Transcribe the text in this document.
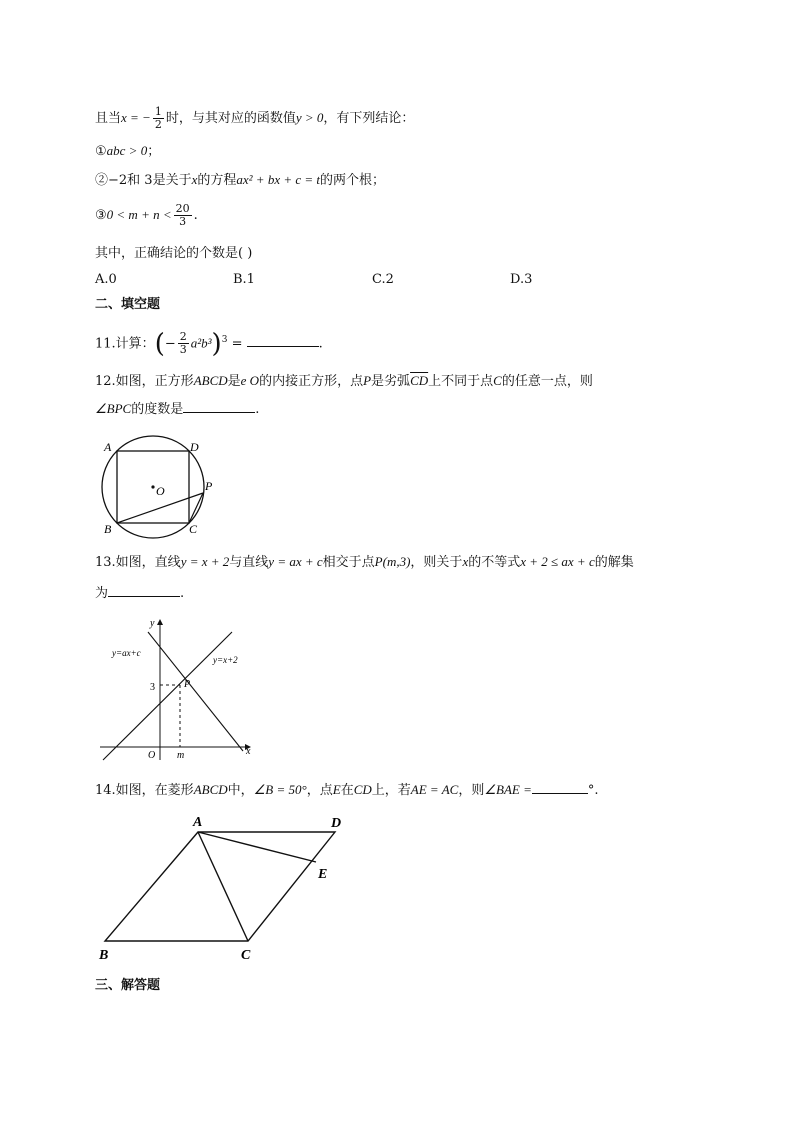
且当x = − $\frac{1}{2}$ 时，与其对应的函数值y > 0，有下列结论：
①abc > 0；
②−2和 3是关于x的方程ax² + bx + c = t的两个根；
③0 < $m + n < \frac{20}{3}$ .
其中，正确结论的个数是( )
A.0	B.1	C.2	D.3
二、填空题
11.计算：(− $\frac{2}{3} a^2b^3)^3$ =	.
12.如图，正方形ABCD是e O的内接正方形，点P是劣弧$\overline{CD}$上不同于点C的任意一点，则
∠BPC的度数是	.
A	D
B	C
O	P
13.如图，直线y = x + 2与直线y = ax + c相交于点P(m,3)，则关于x的不等式x + 2 ≤ ax + c的解集
为	.
y
x
y=ax+c
y=x+2
3	P
O m
14.如图，在菱形ABCD中，∠B = 50°，点E在CD上，若AE = AC，则∠BAE =	°.
A	D
B	C
E
三、解答题
